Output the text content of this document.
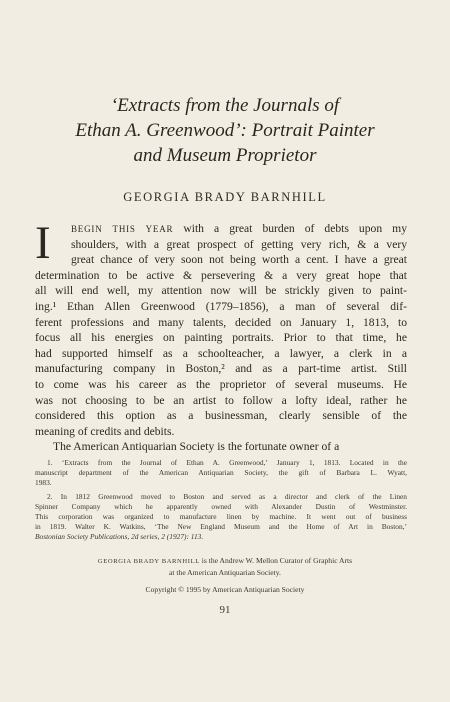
‘Extracts from the Journals of
Ethan A. Greenwood’: Portrait Painter
and Museum Proprietor
GEORGIA BRADY BARNHILL
I	BEGIN THIS YEAR with a great burden of debts upon my
shoulders, with a great prospect of getting very rich, & a very
great chance of very soon not being worth a cent. I have a great
determination to be active & persevering & a very great hope that
all will end well, my attention now will be strickly given to paint-
ing.¹ Ethan Allen Greenwood (1779–1856), a man of several dif-
ferent professions and many talents, decided on January 1, 1813, to
focus all his energies on painting portraits. Prior to that time, he
had supported himself as a schoolteacher, a lawyer, a clerk in a
manufacturing company in Boston,² and as a part-time artist. Still
to come was his career as the proprietor of several museums. He
was not choosing to be an artist to follow a lofty ideal, rather he
considered this option as a businessman, clearly sensible of the
meaning of credits and debits.
The American Antiquarian Society is the fortunate owner of a
1. ‘Extracts from the Journal of Ethan A. Greenwood,’ January 1, 1813. Located in the
manuscript department of the American Antiquarian Society, the gift of Barbara L. Wyatt,
1983.
2. In 1812 Greenwood moved to Boston and served as a director and clerk of the Linen
Spinner Company which he apparently owned with Alexander Dustin of Westminster.
This corporation was organized to manufacture linen by machine. It went out of business
in 1819. Walter K. Watkins, ‘The New England Museum and the Home of Art in Boston,’
Bostonian Society Publications, 2d series, 2 (1927): 113.
GEORGIA BRADY BARNHILL is the Andrew W. Mellon Curator of Graphic Arts
at the American Antiquarian Society.
Copyright © 1995 by American Antiquarian Society
91
